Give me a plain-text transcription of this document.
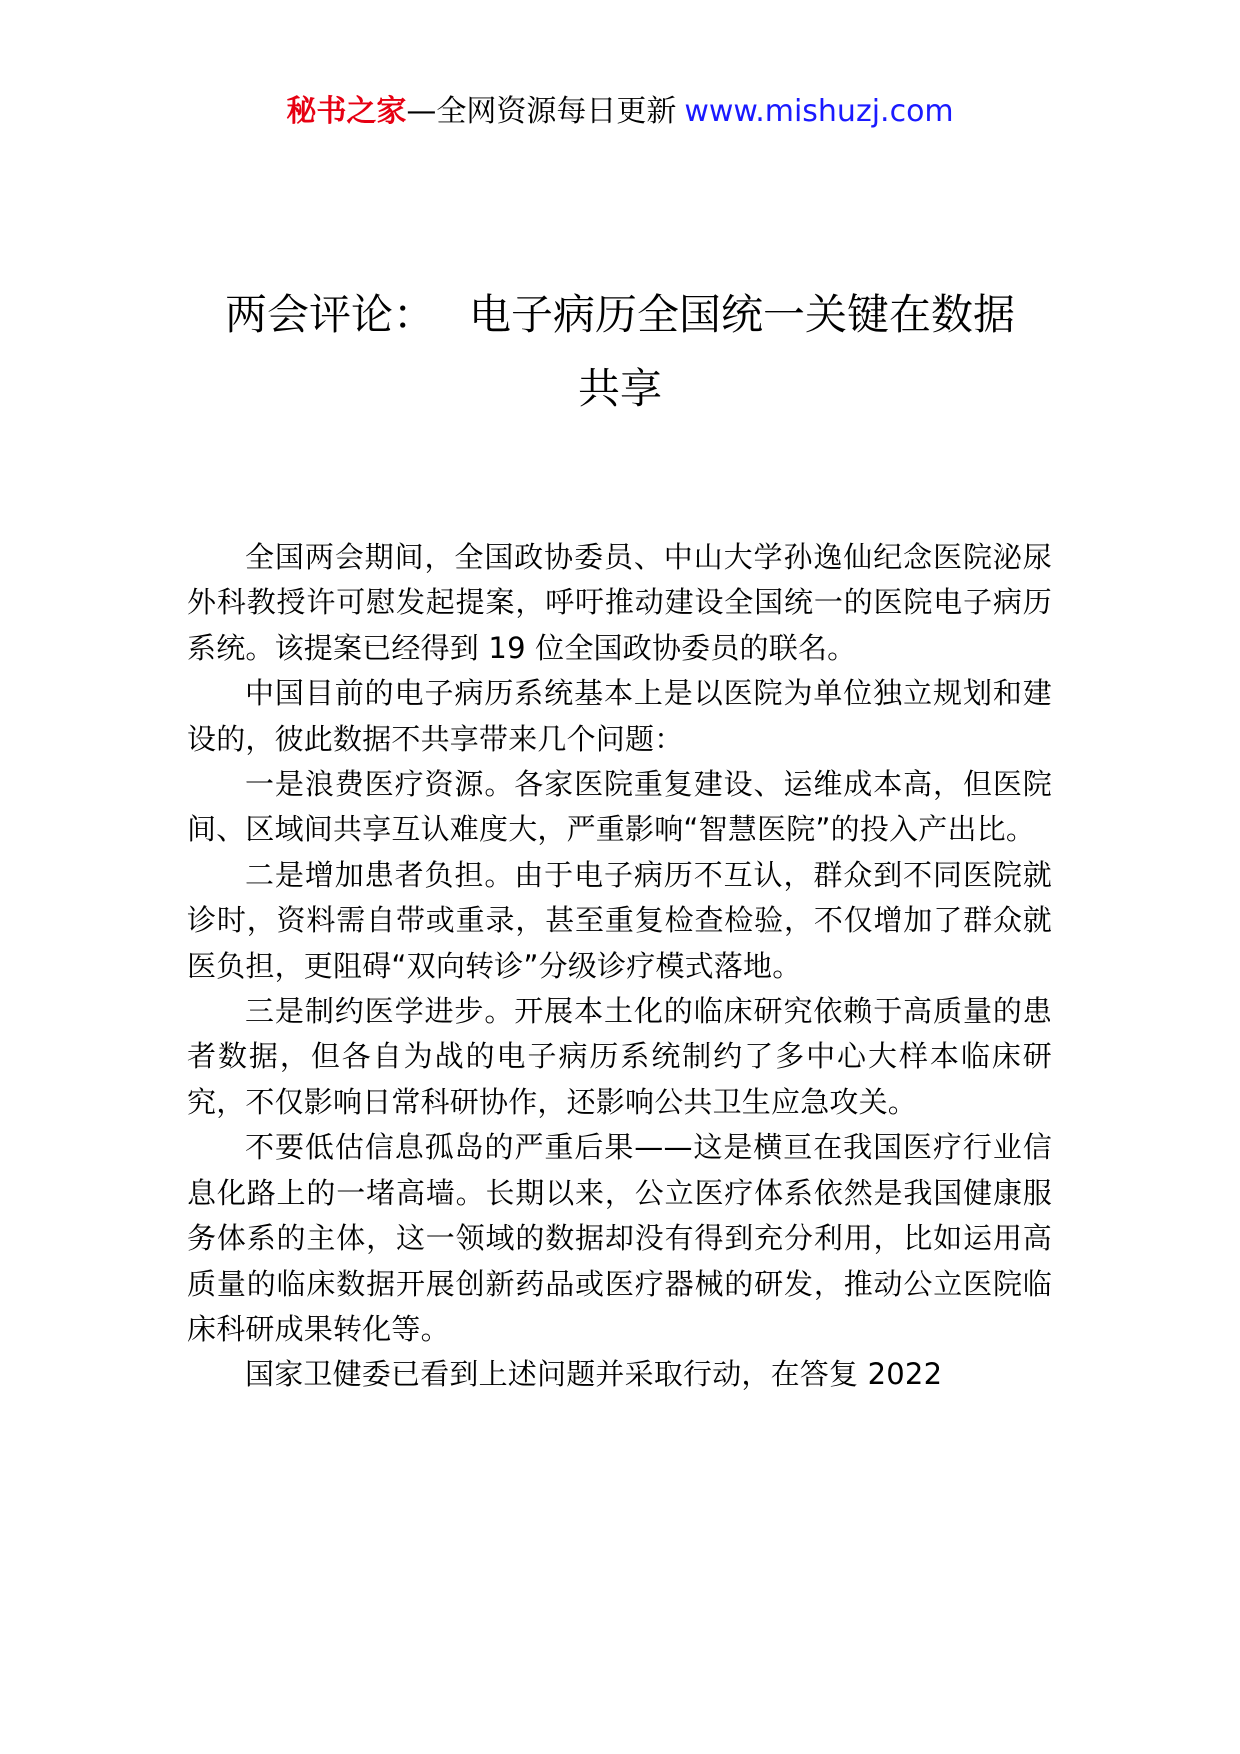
秘书之家—全网资源每日更新 www.mishuzj.com
两会评论： 电子病历全国统一关键在数据
共享

全国两会期间，全国政协委员、中山大学孙逸仙纪念医院泌尿外科教授许可慰发起提案，呼吁推动建设全国统一的医院电子病历系统。该提案已经得到 19 位全国政协委员的联名。

中国目前的电子病历系统基本上是以医院为单位独立规划和建设的，彼此数据不共享带来几个问题：

一是浪费医疗资源。各家医院重复建设、运维成本高，但医院间、区域间共享互认难度大，严重影响“智慧医院”的投入产出比。

二是增加患者负担。由于电子病历不互认，群众到不同医院就诊时，资料需自带或重录，甚至重复检查检验，不仅增加了群众就医负担，更阻碍“双向转诊”分级诊疗模式落地。

三是制约医学进步。开展本土化的临床研究依赖于高质量的患者数据，但各自为战的电子病历系统制约了多中心大样本临床研究，不仅影响日常科研协作，还影响公共卫生应急攻关。

不要低估信息孤岛的严重后果——这是横亘在我国医疗行业信息化路上的一堵高墙。长期以来，公立医疗体系依然是我国健康服务体系的主体，这一领域的数据却没有得到充分利用，比如运用高质量的临床数据开展创新药品或医疗器械的研发，推动公立医院临床科研成果转化等。

国家卫健委已看到上述问题并采取行动，在答复 2022
